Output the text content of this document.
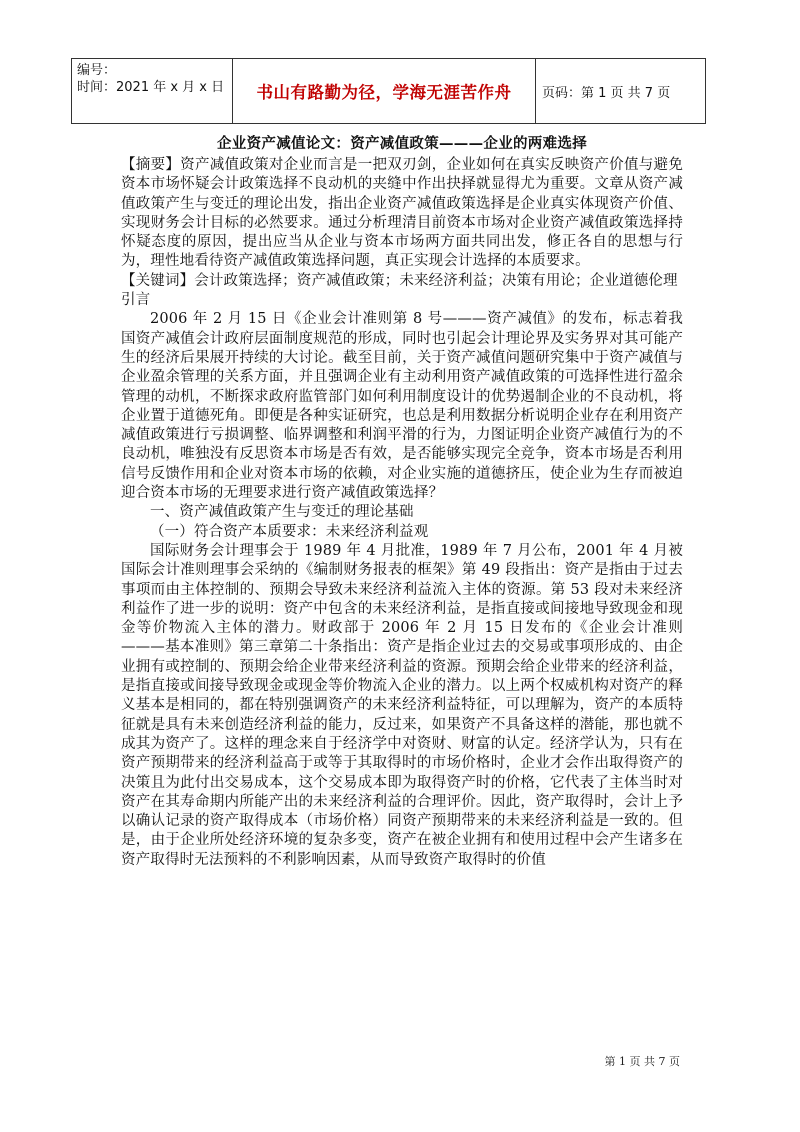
编号：
时间：2021 年 x 月 x 日	书山有路勤为径，学海无涯苦作舟	页码：第 1 页 共 7 页
企业资产减值论文：资产减值政策———企业的两难选择

【摘要】资产减值政策对企业而言是一把双刃剑，企业如何在真实反映资产价值与避免资本市场怀疑会计政策选择不良动机的夹缝中作出抉择就显得尤为重要。文章从资产减值政策产生与变迁的理论出发，指出企业资产减值政策选择是企业真实体现资产价值、实现财务会计目标的必然要求。通过分析理清目前资本市场对企业资产减值政策选择持怀疑态度的原因，提出应当从企业与资本市场两方面共同出发，修正各自的思想与行为，理性地看待资产减值政策选择问题，真正实现会计选择的本质要求。

【关键词】会计政策选择；资产减值政策；未来经济利益；决策有用论；企业道德伦理

引言

2006 年 2 月 15 日《企业会计准则第 8 号———资产减值》的发布，标志着我国资产减值会计政府层面制度规范的形成，同时也引起会计理论界及实务界对其可能产生的经济后果展开持续的大讨论。截至目前，关于资产减值问题研究集中于资产减值与企业盈余管理的关系方面，并且强调企业有主动利用资产减值政策的可选择性进行盈余管理的动机，不断探求政府监管部门如何利用制度设计的优势遏制企业的不良动机，将企业置于道德死角。即便是各种实证研究，也总是利用数据分析说明企业存在利用资产减值政策进行亏损调整、临界调整和利润平滑的行为，力图证明企业资产减值行为的不良动机，唯独没有反思资本市场是否有效，是否能够实现完全竞争，资本市场是否利用信号反馈作用和企业对资本市场的依赖，对企业实施的道德挤压，使企业为生存而被迫迎合资本市场的无理要求进行资产减值政策选择？

一、资产减值政策产生与变迁的理论基础

（一）符合资产本质要求：未来经济利益观

国际财务会计理事会于 1989 年 4 月批准，1989 年 7 月公布，2001 年 4 月被国际会计准则理事会采纳的《编制财务报表的框架》第 49 段指出：资产是指由于过去事项而由主体控制的、预期会导致未来经济利益流入主体的资源。第 53 段对未来经济利益作了进一步的说明：资产中包含的未来经济利益，是指直接或间接地导致现金和现金等价物流入主体的潜力。财政部于 2006 年 2 月 15 日发布的《企业会计准则———基本准则》第三章第二十条指出：资产是指企业过去的交易或事项形成的、由企业拥有或控制的、预期会给企业带来经济利益的资源。预期会给企业带来的经济利益，是指直接或间接导致现金或现金等价物流入企业的潜力。以上两个权威机构对资产的释义基本是相同的，都在特别强调资产的未来经济利益特征，可以理解为，资产的本质特征就是具有未来创造经济利益的能力，反过来，如果资产不具备这样的潜能，那也就不成其为资产了。这样的理念来自于经济学中对资财、财富的认定。经济学认为，只有在资产预期带来的经济利益高于或等于其取得时的市场价格时，企业才会作出取得资产的决策且为此付出交易成本，这个交易成本即为取得资产时的价格，它代表了主体当时对资产在其寿命期内所能产出的未来经济利益的合理评价。因此，资产取得时，会计上予以确认记录的资产取得成本（市场价格）同资产预期带来的未来经济利益是一致的。但是，由于企业所处经济环境的复杂多变，资产在被企业拥有和使用过程中会产生诸多在资产取得时无法预料的不利影响因素，从而导致资产取得时的价值

第 1 页 共 7 页
